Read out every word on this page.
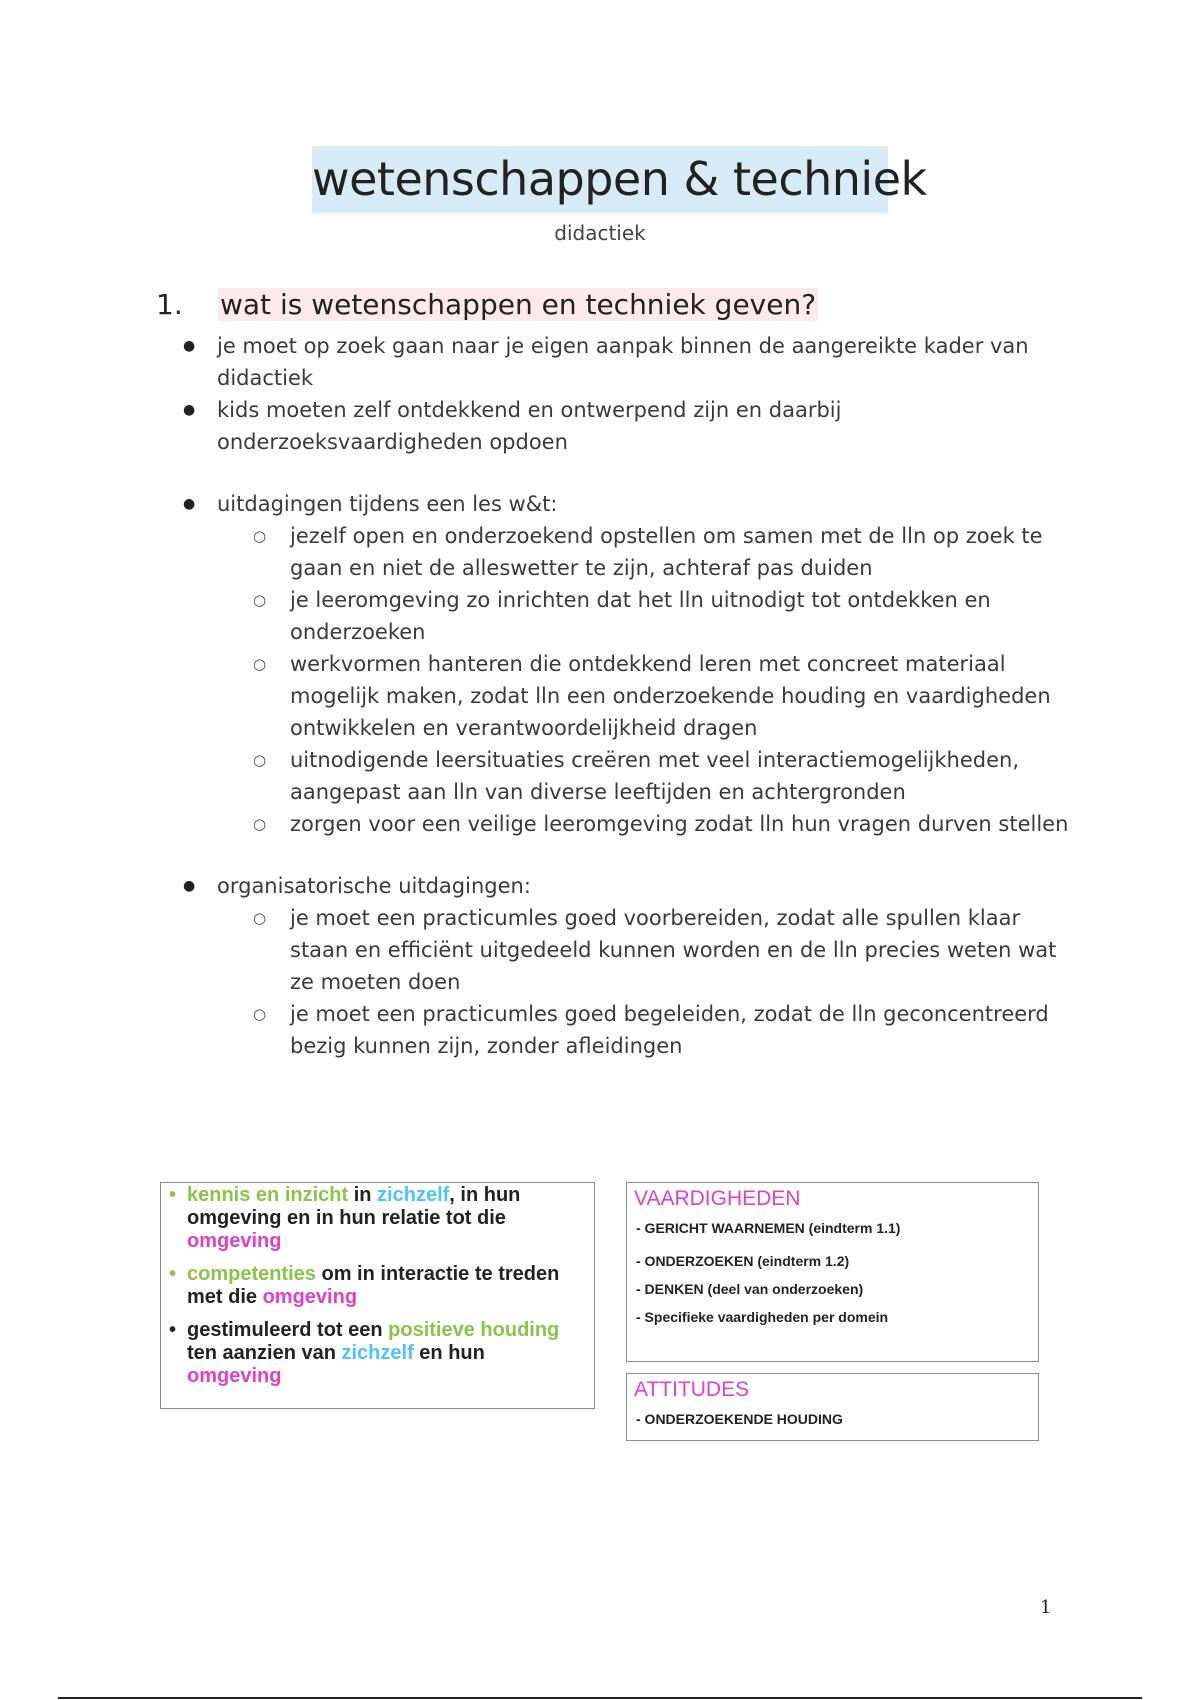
wetenschappen & techniek
didactiek
1. wat is wetenschappen en techniek geven?
● je moet op zoek gaan naar je eigen aanpak binnen de aangereikte kader van didactiek
● kids moeten zelf ontdekkend en ontwerpend zijn en daarbij onderzoeksvaardigheden opdoen
● uitdagingen tijdens een les w&t:
○ jezelf open en onderzoekend opstellen om samen met de lln op zoek te gaan en niet de alleswetter te zijn, achteraf pas duiden
○ je leeromgeving zo inrichten dat het lln uitnodigt tot ontdekken en onderzoeken
○ werkvormen hanteren die ontdekkend leren met concreet materiaal mogelijk maken, zodat lln een onderzoekende houding en vaardigheden ontwikkelen en verantwoordelijkheid dragen
○ uitnodigende leersituaties creëren met veel interactiemogelijkheden, aangepast aan lln van diverse leeftijden en achtergronden
○ zorgen voor een veilige leeromgeving zodat lln hun vragen durven stellen
● organisatorische uitdagingen:
○ je moet een practicumles goed voorbereiden, zodat alle spullen klaar staan en efficiënt uitgedeeld kunnen worden en de lln precies weten wat ze moeten doen
○ je moet een practicumles goed begeleiden, zodat de lln geconcentreerd bezig kunnen zijn, zonder afleidingen
• kennis en inzicht in zichzelf, in hun omgeving en in hun relatie tot die omgeving
• competenties om in interactie te treden met die omgeving
• gestimuleerd tot een positieve houding ten aanzien van zichzelf en hun omgeving
VAARDIGHEDEN
- GERICHT WAARNEMEN (eindterm 1.1)
- ONDERZOEKEN (eindterm 1.2)
- DENKEN (deel van onderzoeken)
- Specifieke vaardigheden per domein
ATTITUDES
- ONDERZOEKENDE HOUDING
1
